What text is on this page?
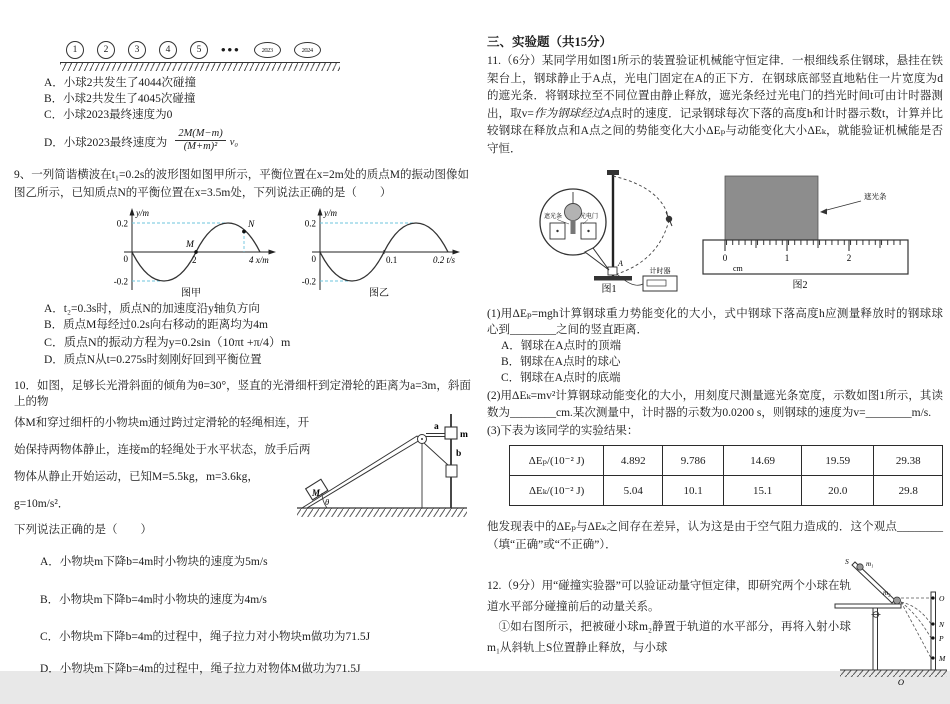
1	2	3	4	5	•••	2023	2024
A．小球2共发生了4044次碰撞
B．小球2共发生了4045次碰撞
C．小球2023最终速度为0
D．小球2023最终速度为 $\frac{2M(M-m)}{\text{(M+m)²}} v_0$

9、一列简谐横波在t₁=0.2s的波形图如图甲所示，平衡位置在x=2m处的质点M的振动图像如图乙所示，已知质点N的平衡位置在x=3.5m处，下列说法正确的是（　　）

y/m
0.2
0
-0.2
M
N
2	4 x/m
图甲
y/m
0.2
0
-0.2
0.1	0.2 t/s
图乙
A．t₂=0.3s时，质点N的加速度沿y轴负方向
B．质点M每经过0.2s向右移动的距离均为4m
C．质点N的振动方程为y=0.2sin（10πt +π/4）m
D．质点N从t=0.275s时刻刚好回到平衡位置

10．如图，足够长光滑斜面的倾角为θ=30°，竖直的光滑细杆到定滑轮的距离为a=3m，斜面上的物

体M和穿过细杆的小物块m通过跨过定滑轮的轻绳相连，开始保持两物体静止，连接m的轻绳处于水平状态，放手后两物体从静止开始运动，已知M=5.5kg，m=3.6kg，g=10m/s²．

下列说法正确的是（　　）

M
θ
a
m
b
A．小物块m下降b=4m时小物块的速度为5m/s
B．小物块m下降b=4m时小物块的速度为4m/s
C．小物块m下降b=4m的过程中，绳子拉力对小物块m做功为71.5J
D．小物块m下降b=4m的过程中，绳子拉力对物体M做功为71.5J
三、实验题（共15分）

11.（6分）某同学用如图1所示的装置验证机械能守恒定律．一根细线系住钢球，悬挂在铁架台上，钢球静止于A点，光电门固定在A的正下方．在钢球底部竖直地粘住一片宽度为d的遮光条．将钢球拉至不同位置由静止释放，遮光条经过光电门的挡光时间t可由计时器测出，取v=作为钢球经过A点时的速度．记录钢球每次下落的高度h和计时器示数t，计算并比较钢球在释放点和A点之间的势能变化大小ΔEₚ与动能变化大小ΔEₖ，就能验证机械能是否守恒．

遮光条	光电门
A
计时器
图1
0	1	2
cm
遮光条
图2

(1)用ΔEₚ=mgh计算钢球重力势能变化的大小，式中钢球下落高度h应测量释放时的钢球球心到________之间的竖直距离．

A．钢球在A点时的顶端
B．钢球在A点时的球心
C．钢球在A点时的底端

(2)用ΔEₖ=mv²计算钢球动能变化的大小，用刻度尺测量遮光条宽度，示数如图1所示，其读数为________cm.某次测量中，计时器的示数为0.0200 s，则钢球的速度为v=________m/s.

(3)下表为该同学的实验结果：

ΔEₚ/(10⁻² J)	4.892	9.786	14.69	19.59	29.38
ΔEₖ/(10⁻² J)	5.04	10.1	15.1	20.0	29.8

他发现表中的ΔEₚ与ΔEₖ之间存在差异，认为这是由于空气阻力造成的．这个观点________（填“正确”或“不正确”）．

12.（9分）用“碰撞实验器”可以验证动量守恒定律，即研究两个小球在轨道水平部分碰撞前后的动量关系。

①如右图所示，把被碰小球m₂静置于轨道的水平部分，再将入射小球m₁从斜轨上S位置静止释放，与小球

S m₁
m₂
O
N
P
M
O
